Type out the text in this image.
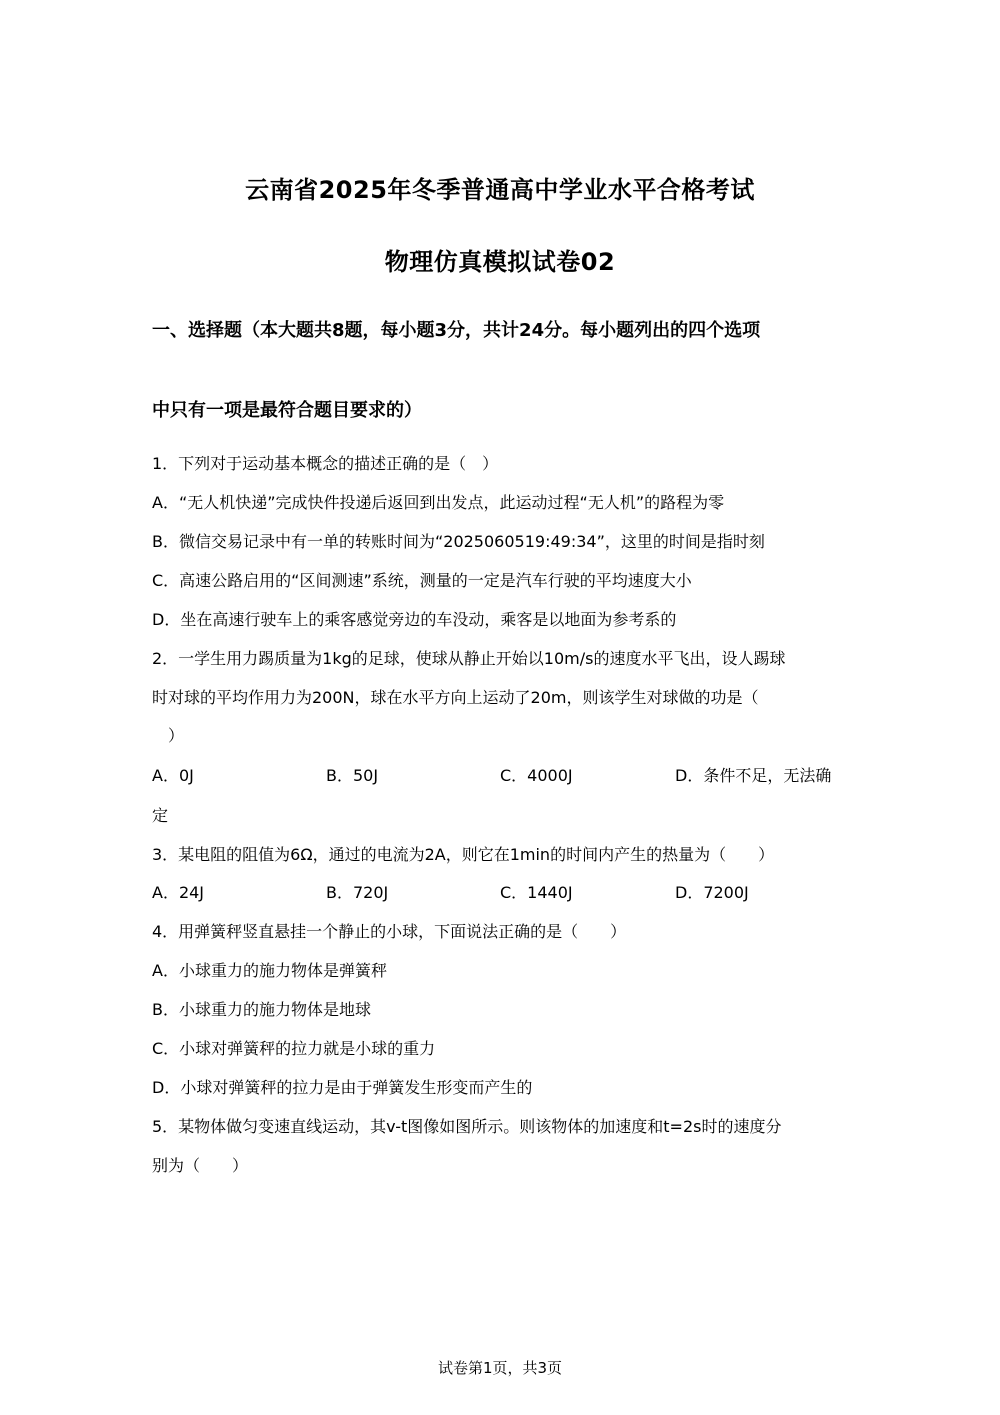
云南省2025年冬季普通高中学业水平合格考试
物理仿真模拟试卷02
一、选择题（本大题共8题，每小题3分，共计24分。每小题列出的四个选项
中只有一项是最符合题目要求的）
1．下列对于运动基本概念的描述正确的是（　）
A．“无人机快递”完成快件投递后返回到出发点，此运动过程“无人机”的路程为零
B．微信交易记录中有一单的转账时间为“2025060519:49:34”，这里的时间是指时刻
C．高速公路启用的“区间测速”系统，测量的一定是汽车行驶的平均速度大小
D．坐在高速行驶车上的乘客感觉旁边的车没动，乘客是以地面为参考系的
2．一学生用力踢质量为1kg的足球，使球从静止开始以10m/s的速度水平飞出，设人踢球
时对球的平均作用力为200N，球在水平方向上运动了20m，则该学生对球做的功是（
）
A．0J	B．50J	C．4000J	D．条件不足，无法确
定
3．某电阻的阻值为6Ω，通过的电流为2A，则它在1min的时间内产生的热量为（　　）
A．24J	B．720J	C．1440J	D．7200J
4．用弹簧秤竖直悬挂一个静止的小球，下面说法正确的是（　　）
A．小球重力的施力物体是弹簧秤
B．小球重力的施力物体是地球
C．小球对弹簧秤的拉力就是小球的重力
D．小球对弹簧秤的拉力是由于弹簧发生形变而产生的
5．某物体做匀变速直线运动，其v-t图像如图所示。则该物体的加速度和t=2s时的速度分
别为（　　）
试卷第1页，共3页
